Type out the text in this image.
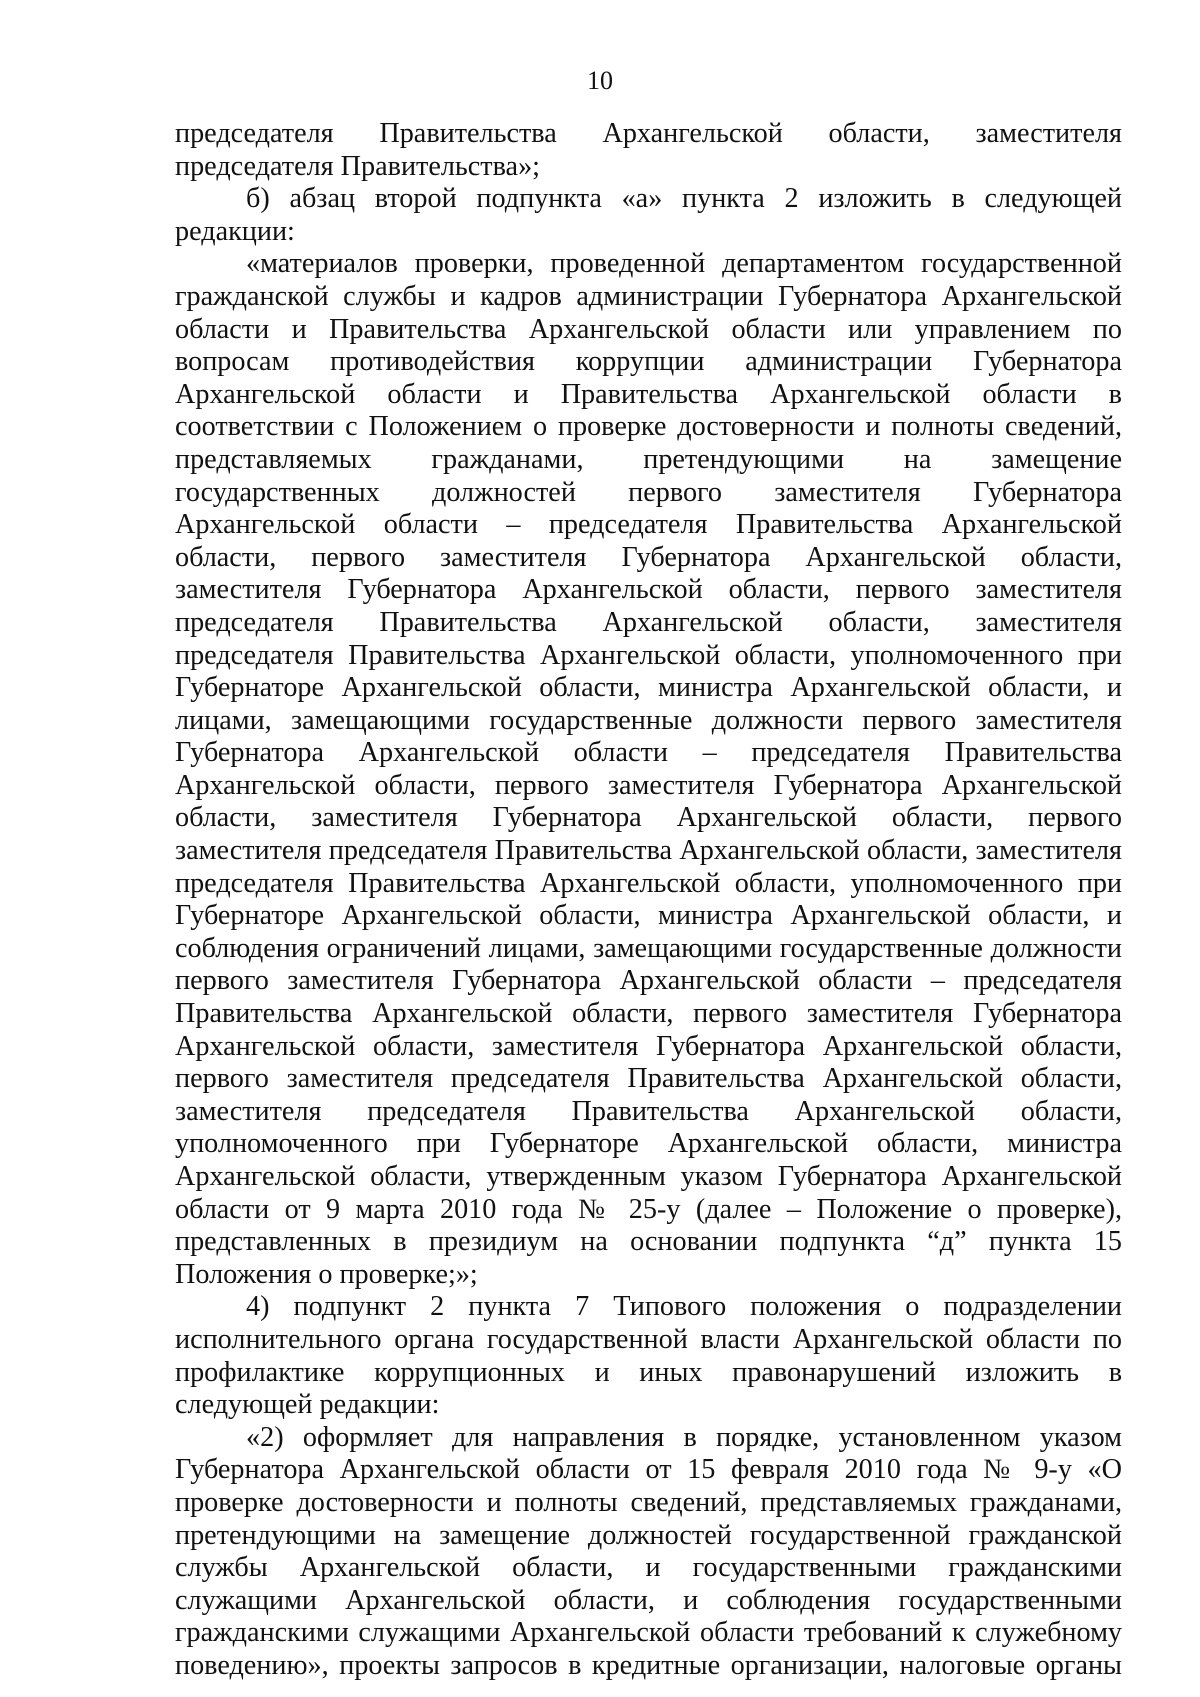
10

председателя Правительства Архангельской области, заместителя председателя Правительства»;

б) абзац второй подпункта «а» пункта 2 изложить в следующей редакции:

«материалов проверки, проведенной департаментом государственной гражданской службы и кадров администрации Губернатора Архангельской области и Правительства Архангельской области или управлением по вопросам противодействия коррупции администрации Губернатора Архангельской области и Правительства Архангельской области в соответствии с Положением о проверке достоверности и полноты сведений, представляемых гражданами, претендующими на замещение государственных должностей первого заместителя Губернатора Архангельской области – председателя Правительства Архангельской области, первого заместителя Губернатора Архангельской области, заместителя Губернатора Архангельской области, первого заместителя председателя Правительства Архангельской области, заместителя председателя Правительства Архангельской области, уполномоченного при Губернаторе Архангельской области, министра Архангельской области, и лицами, замещающими государственные должности первого заместителя Губернатора Архангельской области – председателя Правительства Архангельской области, первого заместителя Губернатора Архангельской области, заместителя Губернатора Архангельской области, первого заместителя председателя Правительства Архангельской области, заместителя председателя Правительства Архангельской области, уполномоченного при Губернаторе Архангельской области, министра Архангельской области, и соблюдения ограничений лицами, замещающими государственные должности первого заместителя Губернатора Архангельской области – председателя Правительства Архангельской области, первого заместителя Губернатора Архангельской области, заместителя Губернатора Архангельской области, первого заместителя председателя Правительства Архангельской области, заместителя председателя Правительства Архангельской области, уполномоченного при Губернаторе Архангельской области, министра Архангельской области, утвержденным указом Губернатора Архангельской области от 9 марта 2010 года № 25-у (далее – Положение о проверке), представленных в президиум на основании подпункта “д” пункта 15 Положения о проверке;»;

4) подпункт 2 пункта 7 Типового положения о подразделении исполнительного органа государственной власти Архангельской области по профилактике коррупционных и иных правонарушений изложить в следующей редакции:

«2) оформляет для направления в порядке, установленном указом Губернатора Архангельской области от 15 февраля 2010 года № 9-у «О проверке достоверности и полноты сведений, представляемых гражданами, претендующими на замещение должностей государственной гражданской службы Архангельской области, и государственными гражданскими служащими Архангельской области, и соблюдения государственными гражданскими служащими Архангельской области требований к служебному поведению», проекты запросов в кредитные организации, налоговые органы
